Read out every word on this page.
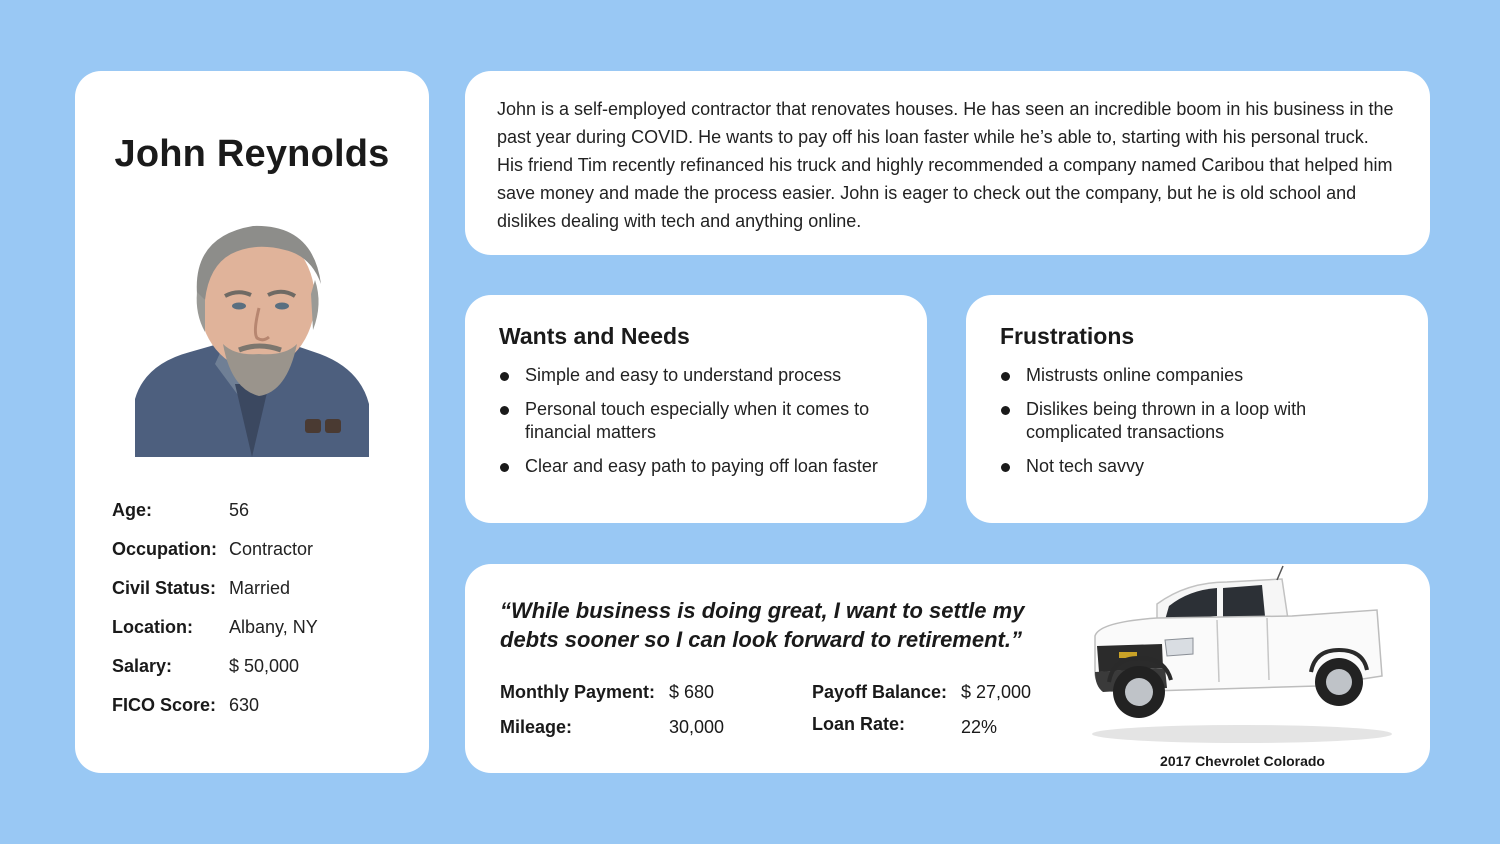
John Reynolds
Age:	56
Occupation: Contractor
Civil Status: Married
Location:	Albany, NY
Salary:	$ 50,000
FICO Score: 630

John is a self-employed contractor that renovates houses. He has seen an incredible boom in his business in the past year during COVID. He wants to pay off his loan faster while he’s able to, starting with his personal truck. His friend Tim recently refinanced his truck and highly recommended a company named Caribou that helped him save money and made the process easier. John is eager to check out the company, but he is old school and dislikes dealing with tech and anything online.

Wants and Needs
Simple and easy to understand process
Personal touch especially when it comes to financial matters
Clear and easy path to paying off loan faster
Frustrations
Mistrusts online companies
Dislikes being thrown in a loop with complicated transactions
Not tech savvy

“While business is doing great, I want to settle my debts sooner so I can look forward to retirement.”

Monthly Payment: $ 680
Mileage:	30,000
Payoff Balance: $ 27,000
Loan Rate:	22%
2017 Chevrolet Colorado
